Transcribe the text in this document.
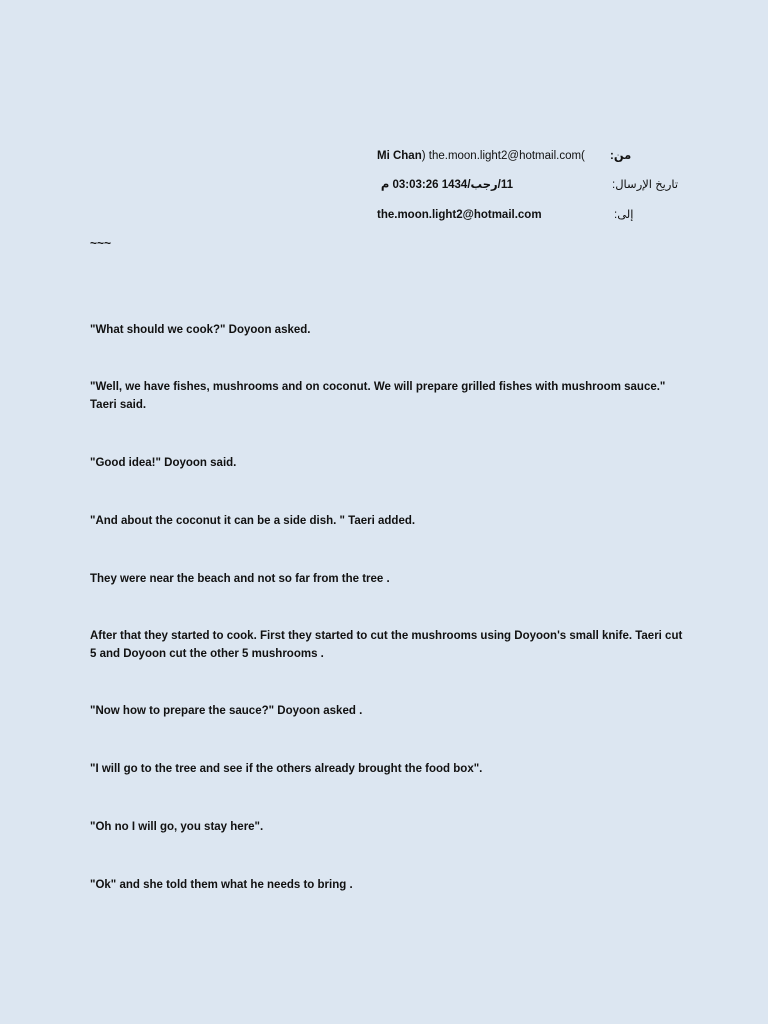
Mi Chan) the.moon.light2@hotmail.com( من:
11/رجب/1434 03:03:26 م	تاريخ الإرسال:
the.moon.light2@hotmail.com	إلى:
~~~
"What should we cook?" Doyoon asked.
"Well, we have fishes, mushrooms and on coconut. We will prepare grilled fishes with mushroom sauce." Taeri said.
"Good idea!" Doyoon said.
"And about the coconut it can be a side dish. " Taeri added.
They were near the beach and not so far from the tree .
After that they started to cook. First they started to cut the mushrooms using Doyoon's small knife. Taeri cut 5 and Doyoon cut the other 5 mushrooms .
"Now how to prepare the sauce?" Doyoon asked .
"I will go to the tree and see if the others already brought the food box".
"Oh no I will go, you stay here".
"Ok" and she told them what he needs to bring .
